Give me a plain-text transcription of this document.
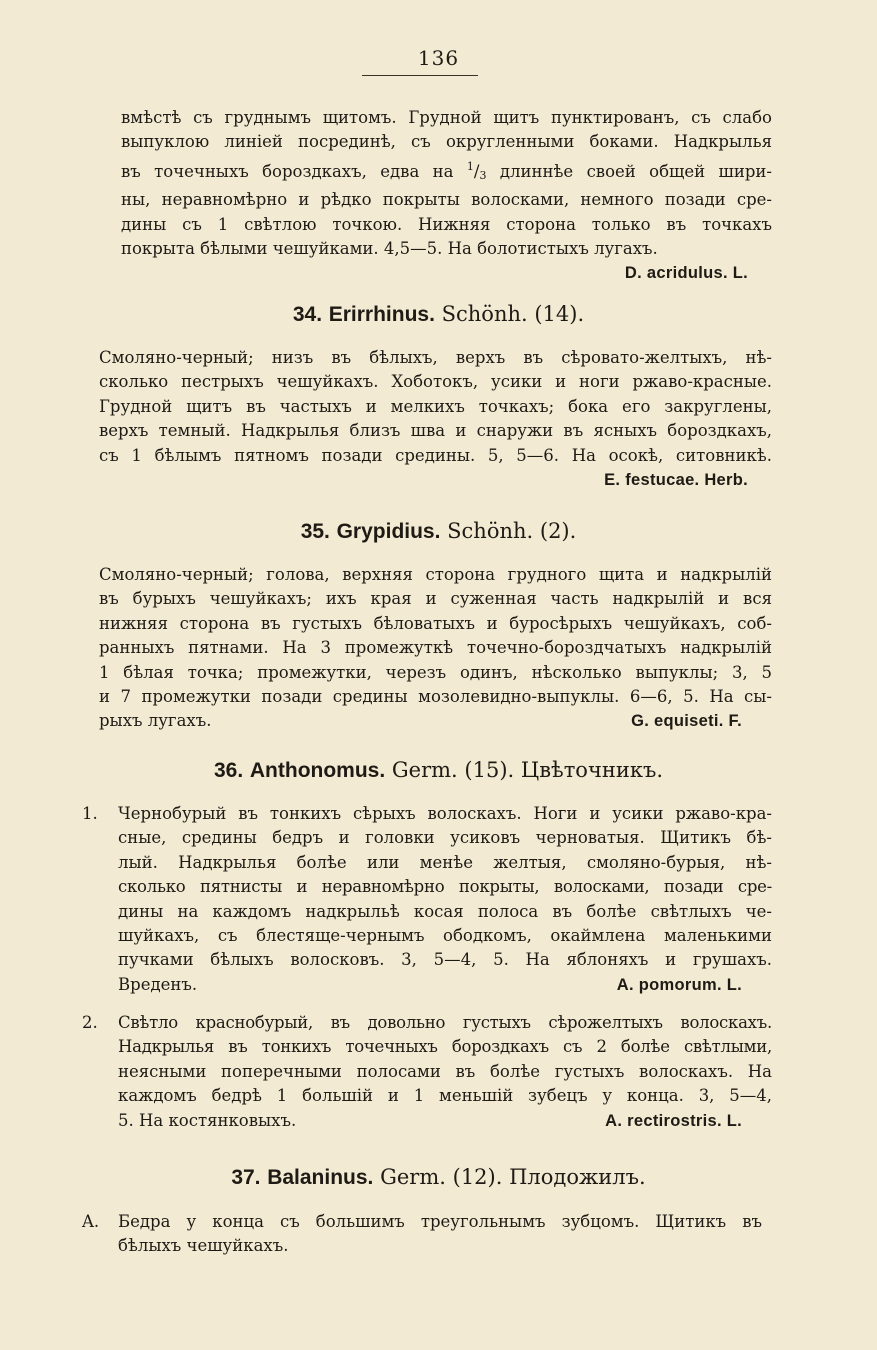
136
вмѣстѣ съ груднымъ щитомъ. Грудной щитъ пунктированъ, съ слабо
выпуклою линіей посрединѣ, съ округленными боками. Надкрылья
въ точечныхъ бороздкахъ, едва на $^1/_3$ длиннѣе своей общей шири-
ны, неравномѣрно и рѣдко покрыты волосками, немного позади сре-
дины съ 1 свѣтлою точкою. Нижняя сторона только въ точкахъ
покрыта бѣлыми чешуйками. 4,5—5. На болотистыхъ лугахъ.
D. acridulus. L.
34. Erirrhinus. Schönh. (14).
Смоляно-черный; низъ въ бѣлыхъ, верхъ въ сѣровато-желтыхъ, нѣ-
сколько пестрыхъ чешуйкахъ. Хоботокъ, усики и ноги ржаво-красные.
Грудной щитъ въ частыхъ и мелкихъ точкахъ; бока его закруглены,
верхъ темный. Надкрылья близъ шва и снаружи въ ясныхъ бороздкахъ,
съ 1 бѣлымъ пятномъ позади средины. 5, 5—6. На осокѣ, ситовникѣ.
E. festucae. Herb.
35. Grypidius. Schönh. (2).
Смоляно-черный; голова, верхняя сторона грудного щита и надкрылій
въ бурыхъ чешуйкахъ; ихъ края и суженная часть надкрылій и вся
нижняя сторона въ густыхъ бѣловатыхъ и буросѣрыхъ чешуйкахъ, соб-
ранныхъ пятнами. На 3 промежуткѣ точечно-бороздчатыхъ надкрылій
1 бѣлая точка; промежутки, черезъ одинъ, нѣсколько выпуклы; 3, 5
и 7 промежутки позади средины мозолевидно-выпуклы. 6—6, 5. На сы-
рыхъ лугахъ.	G. equiseti. F.
36. Anthonomus. Germ. (15). Цвѣточникъ.
1. Чернобурый въ тонкихъ сѣрыхъ волоскахъ. Ноги и усики ржаво-кра-
сные, средины бедръ и головки усиковъ черноватыя. Щитикъ бѣ-
лый. Надкрылья болѣе или менѣе желтыя, смоляно-бурыя, нѣ-
сколько пятнисты и неравномѣрно покрыты, волосками, позади сре-
дины на каждомъ надкрыльѣ косая полоса въ болѣе свѣтлыхъ че-
шуйкахъ, съ блестяще-чернымъ ободкомъ, окаймлена маленькими
пучками бѣлыхъ волосковъ. 3, 5—4, 5. На яблоняхъ и грушахъ.
Вреденъ.	A. pomorum. L.
2. Свѣтло краснобурый, въ довольно густыхъ сѣрожелтыхъ волоскахъ.
Надкрылья въ тонкихъ точечныхъ бороздкахъ съ 2 болѣе свѣтлыми,
неясными поперечными полосами въ болѣе густыхъ волоскахъ. На
каждомъ бедрѣ 1 большій и 1 меньшій зубецъ у конца. 3, 5—4,
5. На костянковыхъ.	A. rectirostris. L.
37. Balaninus. Germ. (12). Плодожилъ.
A. Бедра у конца съ большимъ треугольнымъ зубцомъ. Щитикъ въ
бѣлыхъ чешуйкахъ.
